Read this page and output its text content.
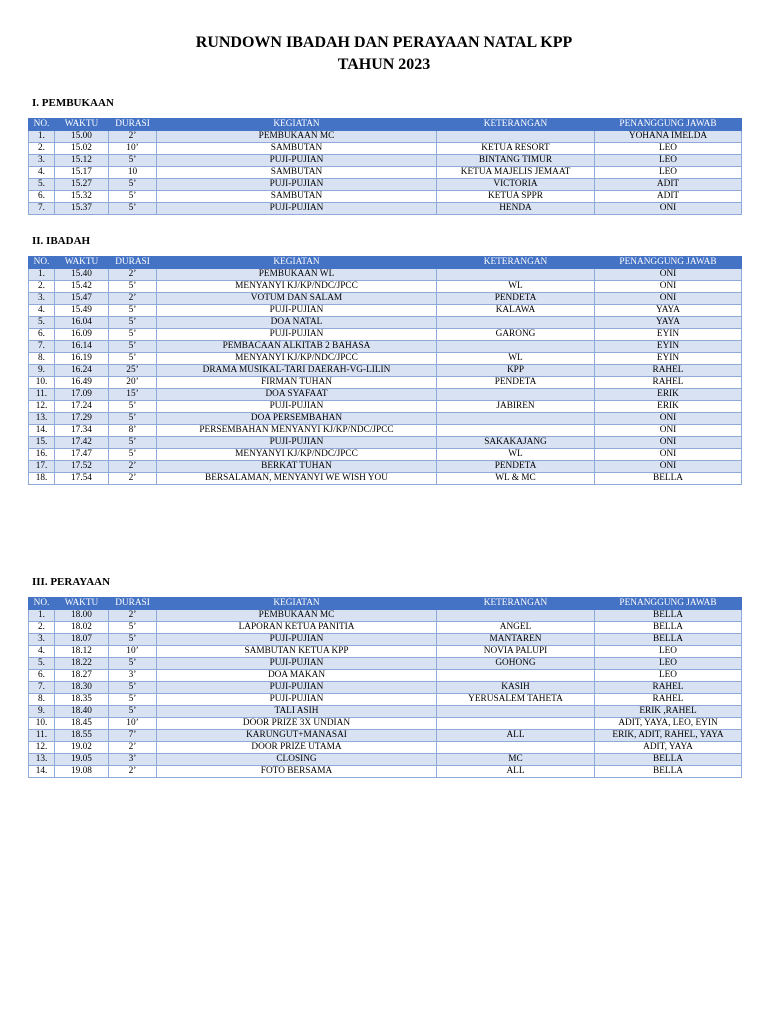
RUNDOWN IBADAH DAN PERAYAAN NATAL KPP
TAHUN 2023
I. PEMBUKAAN
NO.	WAKTU	DURASI	KEGIATAN	KETERANGAN	PENANGGUNG JAWAB
1.	15.00	2’	PEMBUKAAN MC		YOHANA IMELDA
2.	15.02	10’	SAMBUTAN	KETUA RESORT	LEO
3.	15.12	5’	PUJI-PUJIAN	BINTANG TIMUR	LEO
4.	15.17	10	SAMBUTAN	KETUA MAJELIS JEMAAT	LEO
5.	15.27	5’	PUJI-PUJIAN	VICTORIA	ADIT
6.	15.32	5’	SAMBUTAN	KETUA SPPR	ADIT
7.	15.37	5’	PUJI-PUJIAN	HENDA	ONI
II. IBADAH
NO.	WAKTU	DURASI	KEGIATAN	KETERANGAN	PENANGGUNG JAWAB
1.	15.40	2’	PEMBUKAAN WL		ONI
2.	15.42	5’	MENYANYI KJ/KP/NDC/JPCC	WL	ONI
3.	15.47	2’	VOTUM DAN SALAM	PENDETA	ONI
4.	15.49	5’	PUJI-PUJIAN	KALAWA	YAYA
5.	16.04	5’	DOA NATAL		YAYA
6.	16.09	5’	PUJI-PUJIAN	GARONG	EYIN
7.	16.14	5’	PEMBACAAN ALKITAB 2 BAHASA		EYIN
8.	16.19	5’	MENYANYI KJ/KP/NDC/JPCC	WL	EYIN
9.	16.24	25’	DRAMA MUSIKAL-TARI DAERAH-VG-LILIN	KPP	RAHEL
10.	16.49	20’	FIRMAN TUHAN	PENDETA	RAHEL
11.	17.09	15’	DOA SYAFAAT		ERIK
12.	17.24	5’	PUJI-PUJIAN	JABIREN	ERIK
13.	17.29	5’	DOA PERSEMBAHAN		ONI
14.	17.34	8’	PERSEMBAHAN MENYANYI KJ/KP/NDC/JPCC		ONI
15.	17.42	5’	PUJI-PUJIAN	SAKAKAJANG	ONI
16.	17.47	5’	MENYANYI KJ/KP/NDC/JPCC	WL	ONI
17.	17.52	2’	BERKAT TUHAN	PENDETA	ONI
18.	17.54	2’	BERSALAMAN, MENYANYI WE WISH YOU	WL & MC	BELLA
III. PERAYAAN
NO.	WAKTU	DURASI	KEGIATAN	KETERANGAN	PENANGGUNG JAWAB
1.	18.00	2’	PEMBUKAAN MC		BELLA
2.	18.02	5’	LAPORAN KETUA PANITIA	ANGEL	BELLA
3.	18.07	5’	PUJI-PUJIAN	MANTAREN	BELLA
4.	18.12	10’	SAMBUTAN KETUA KPP	NOVIA PALUPI	LEO
5.	18.22	5’	PUJI-PUJIAN	GOHONG	LEO
6.	18.27	3’	DOA MAKAN		LEO
7.	18.30	5’	PUJI-PUJIAN	KASIH	RAHEL
8.	18.35	5’	PUJI-PUJIAN	YERUSALEM TAHETA	RAHEL
9.	18.40	5’	TALI ASIH		ERIK ,RAHEL
10.	18.45	10’	DOOR PRIZE 3X UNDIAN		ADIT, YAYA, LEO, EYIN
11.	18.55	7’	KARUNGUT+MANASAI	ALL	ERIK, ADIT, RAHEL, YAYA
12.	19.02	2’	DOOR PRIZE UTAMA		ADIT, YAYA
13.	19.05	3’	CLOSING	MC	BELLA
14.	19.08	2’	FOTO BERSAMA	ALL	BELLA
